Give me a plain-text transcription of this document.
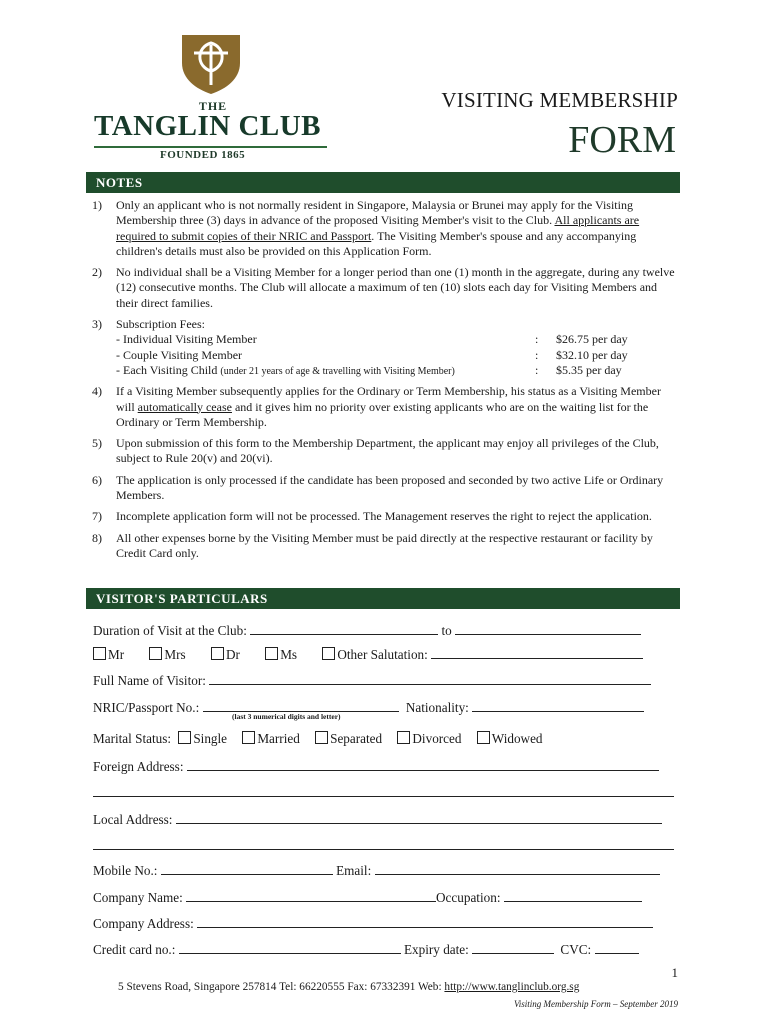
THE
TANGLIN CLUB
FOUNDED 1865
VISITING MEMBERSHIP
FORM
NOTES
1) Only an applicant who is not normally resident in Singapore, Malaysia or Brunei may apply for the Visiting Membership three (3) days in advance of the proposed Visiting Member's visit to the Club. All applicants are required to submit copies of their NRIC and Passport. The Visiting Member's spouse and any accompanying children's details must also be provided on this Application Form.
2) No individual shall be a Visiting Member for a longer period than one (1) month in the aggregate, during any twelve (12) consecutive months. The Club will allocate a maximum of ten (10) slots each day for Visiting Members and their direct families.
3) Subscription Fees:
- Individual Visiting Member	: $26.75 per day
- Couple Visiting Member	: $32.10 per day
- Each Visiting Child (under 21 years of age & travelling with Visiting Member)	: $5.35 per day
4) If a Visiting Member subsequently applies for the Ordinary or Term Membership, his status as a Visiting Member will automatically cease and it gives him no priority over existing applicants who are on the waiting list for the Ordinary or Term Membership.
5) Upon submission of this form to the Membership Department, the applicant may enjoy all privileges of the Club, subject to Rule 20(v) and 20(vi).
6) The application is only processed if the candidate has been proposed and seconded by two active Life or Ordinary Members.
7) Incomplete application form will not be processed. The Management reserves the right to reject the application.
8) All other expenses borne by the Visiting Member must be paid directly at the respective restaurant or facility by Credit Card only.
VISITOR'S PARTICULARS
Duration of Visit at the Club:	to
Mr	Mrs	Dr	Ms	Other Salutation:
Full Name of Visitor:
NRIC/Passport No.:	Nationality:
(last 3 numerical digits and letter)
Marital Status: Single Married Separated Divorced Widowed
Foreign Address:
Local Address:
Mobile No.:	Email:
Company Name:	Occupation:
Company Address:
Credit card no.:	Expiry date:	CVC:
1
5 Stevens Road, Singapore 257814 Tel: 66220555 Fax: 67332391 Web: http://www.tanglinclub.org.sg
Visiting Membership Form – September 2019
